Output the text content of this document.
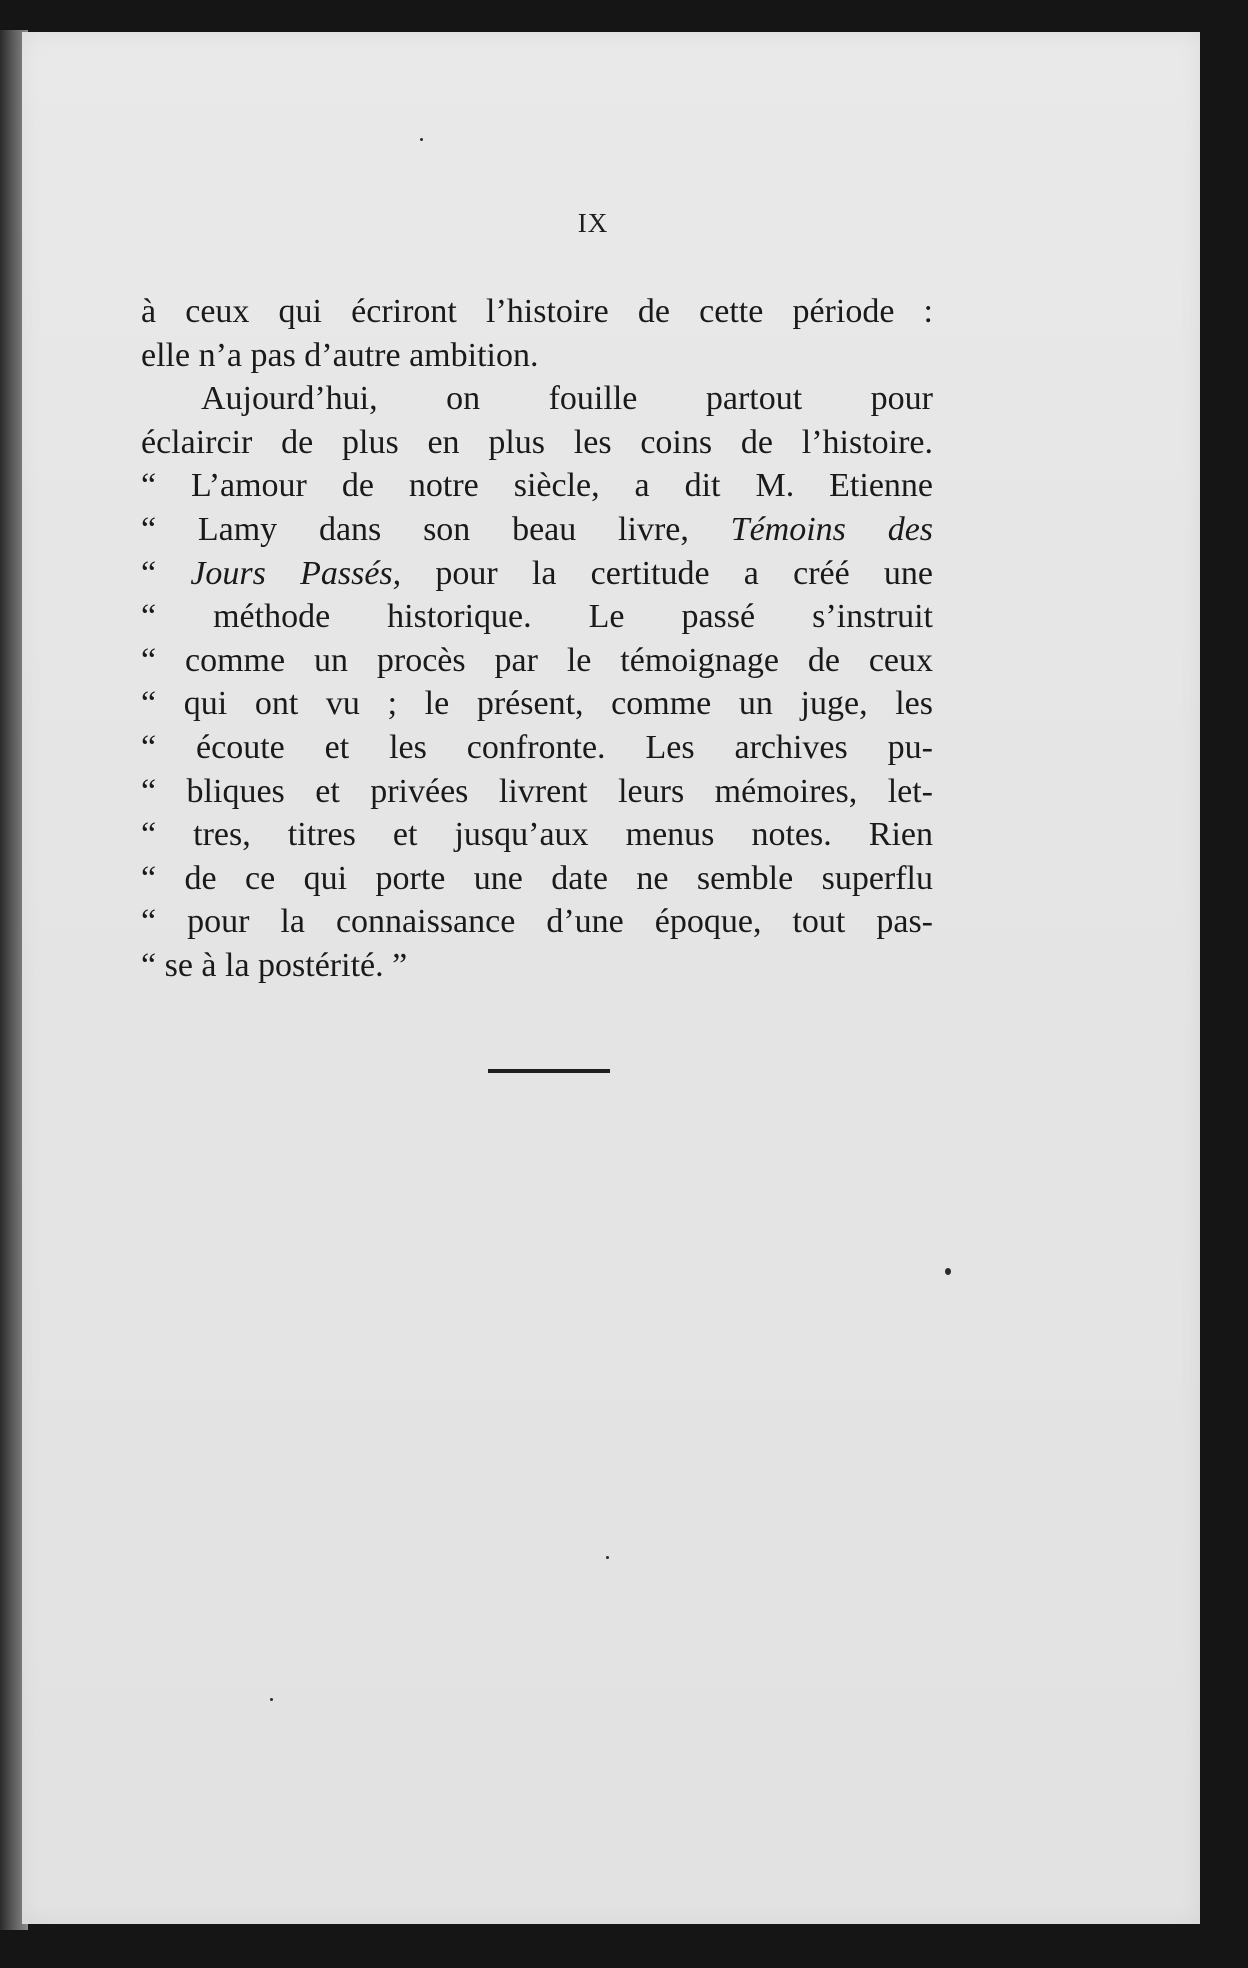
IX
à ceux qui écriront l’histoire de cette période :
elle n’a pas d’autre ambition.
Aujourd’hui, on fouille partout pour
éclaircir de plus en plus les coins de l’histoire.
“ L’amour de notre siècle, a dit M. Etienne
“ Lamy dans son beau livre, Témoins des
“ Jours Passés, pour la certitude a créé une
“ méthode historique. Le passé s’instruit
“ comme un procès par le témoignage de ceux
“ qui ont vu ; le présent, comme un juge, les
“ écoute et les confronte. Les archives pu-
“ bliques et privées livrent leurs mémoires, let-
“ tres, titres et jusqu’aux menus notes. Rien
“ de ce qui porte une date ne semble superflu
“ pour la connaissance d’une époque, tout pas-
“ se à la postérité. ”
